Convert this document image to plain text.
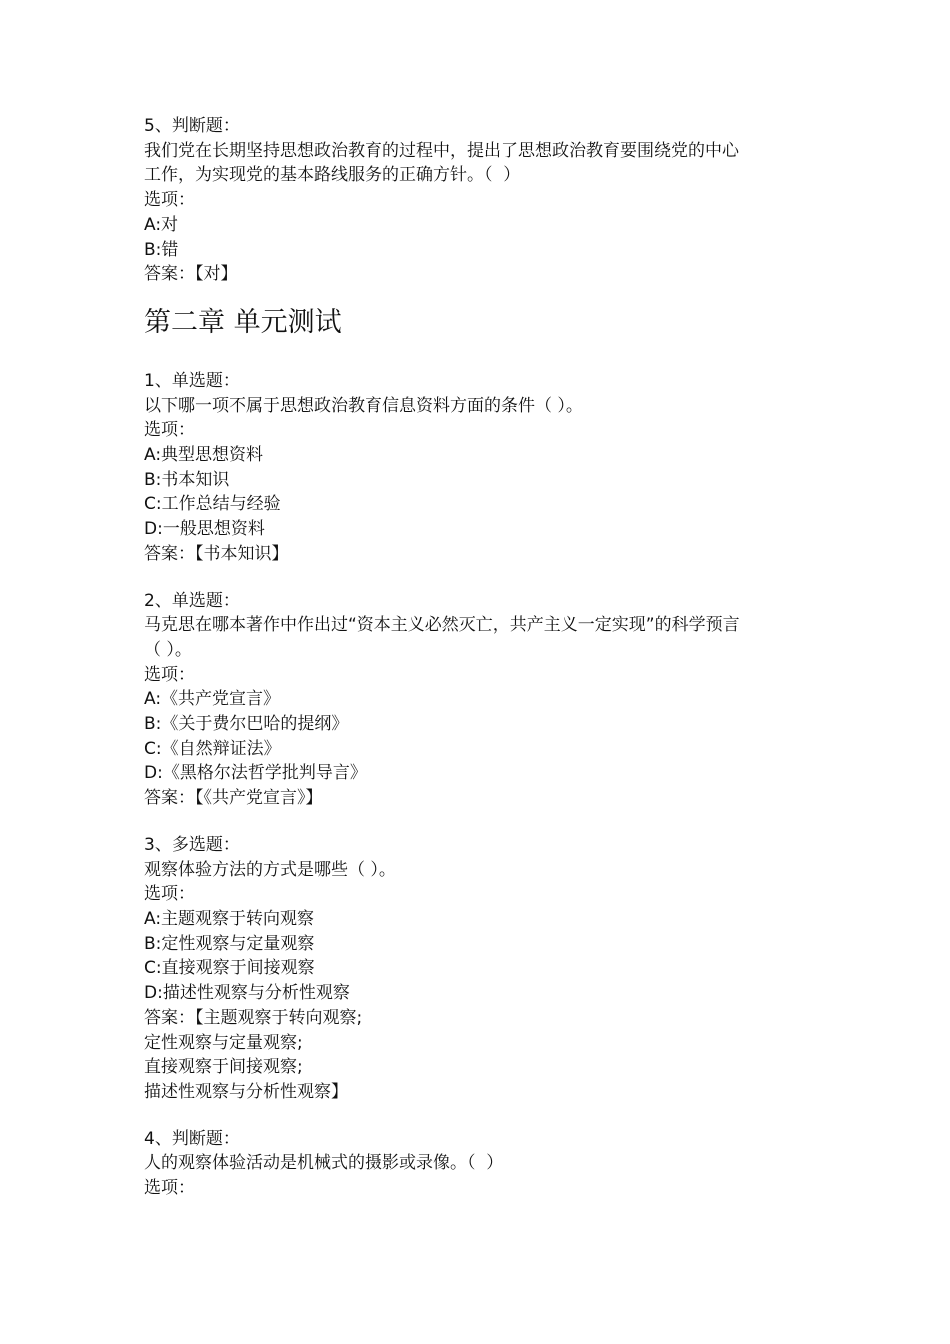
5、判断题：

我们党在长期坚持思想政治教育的过程中，提出了思想政治教育要围绕党的中心

工作，为实现党的基本路线服务的正确方针。（  ）

选项：

A:对

B:错

答案：【对】

第二章 单元测试

1、单选题：

以下哪一项不属于思想政治教育信息资料方面的条件（ ）。

选项：

A:典型思想资料

B:书本知识

C:工作总结与经验

D:一般思想资料

答案：【书本知识】

2、单选题：

马克思在哪本著作中作出过“资本主义必然灭亡，共产主义一定实现”的科学预言

（ ）。

选项：

A:《共产党宣言》

B:《关于费尔巴哈的提纲》

C:《自然辩证法》

D:《黑格尔法哲学批判导言》

答案：【《共产党宣言》】

3、多选题：

观察体验方法的方式是哪些（ ）。

选项：

A:主题观察于转向观察

B:定性观察与定量观察

C:直接观察于间接观察

D:描述性观察与分析性观察

答案：【主题观察于转向观察;

定性观察与定量观察;

直接观察于间接观察;

描述性观察与分析性观察】

4、判断题：

人的观察体验活动是机械式的摄影或录像。（  ）

选项：
